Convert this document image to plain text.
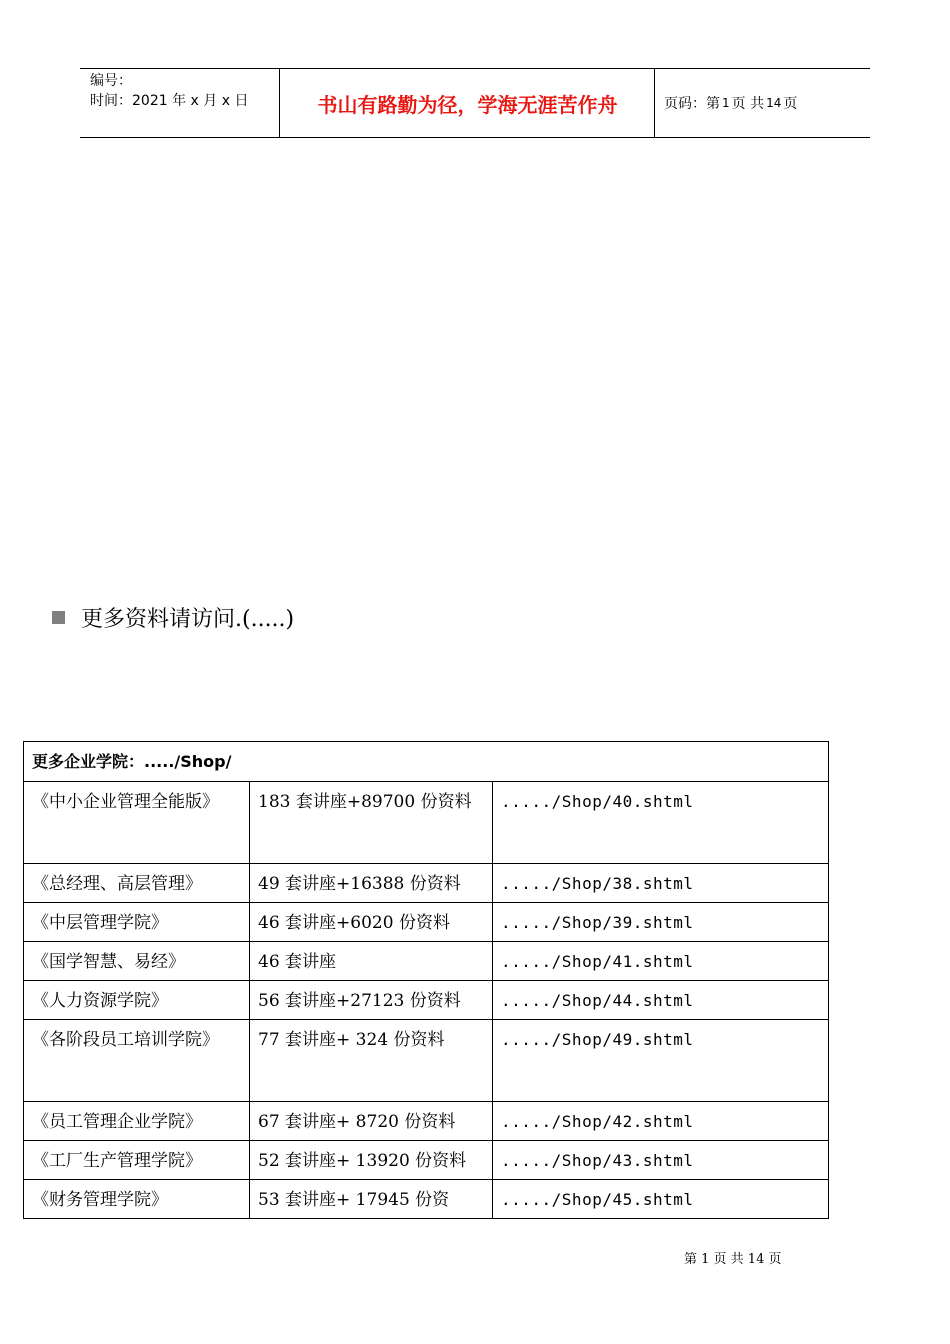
编号：
时间：2021 年 x 月 x 日	书山有路勤为径，学海无涯苦作舟	页码：第 1 页 共 14 页
更多资料请访问.(.....)
更多企业学院：...../Shop/		
《中小企业管理全能版》	183 套讲座+89700 份资料	...../Shop/40.shtml
《总经理、高层管理》	49 套讲座+16388 份资料	...../Shop/38.shtml
《中层管理学院》	46 套讲座+6020 份资料	...../Shop/39.shtml
《国学智慧、易经》	46 套讲座	...../Shop/41.shtml
《人力资源学院》	56 套讲座+27123 份资料	...../Shop/44.shtml
《各阶段员工培训学院》	77 套讲座+ 324 份资料	...../Shop/49.shtml
《员工管理企业学院》	67 套讲座+ 8720 份资料	...../Shop/42.shtml
《工厂生产管理学院》	52 套讲座+ 13920 份资料	...../Shop/43.shtml
《财务管理学院》	53 套讲座+ 17945 份资	...../Shop/45.shtml
第 1 页 共 14 页
